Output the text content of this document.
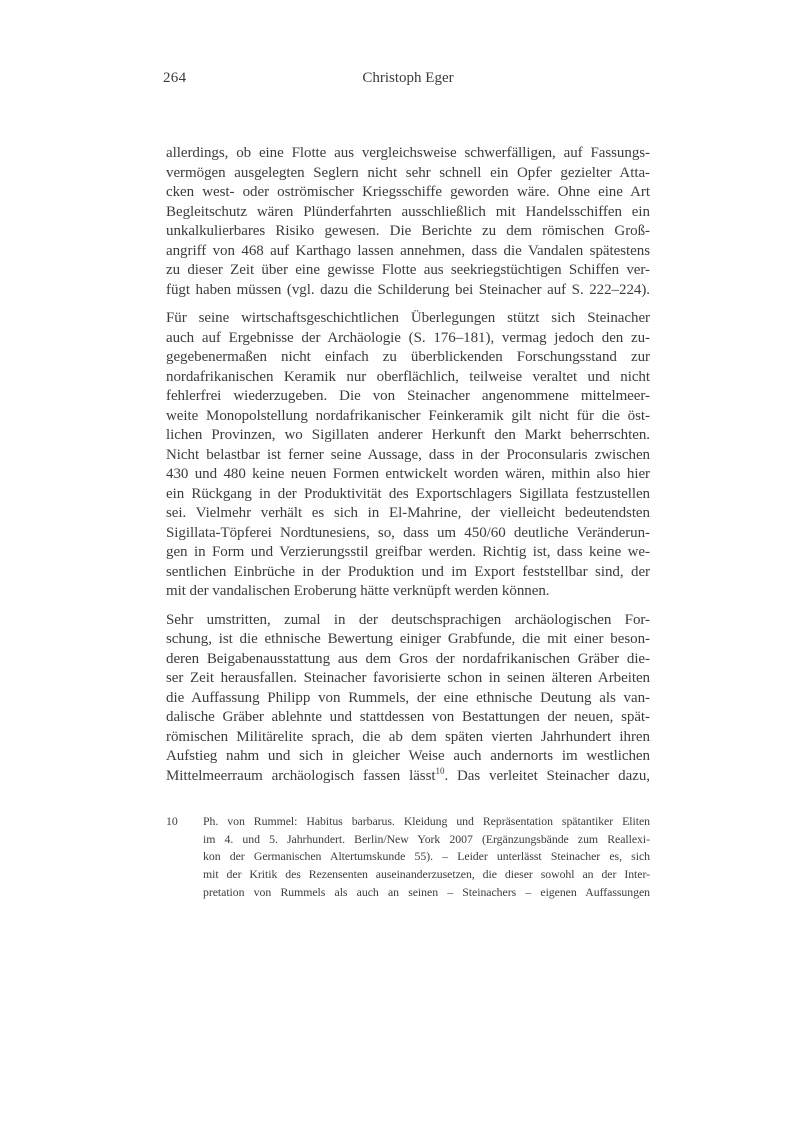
264	Christoph Eger
allerdings, ob eine Flotte aus vergleichsweise schwerfälligen, auf Fassungs-
vermögen ausgelegten Seglern nicht sehr schnell ein Opfer gezielter Atta-
cken west- oder oströmischer Kriegsschiffe geworden wäre. Ohne eine Art
Begleitschutz wären Plünderfahrten ausschließlich mit Handelsschiffen ein
unkalkulierbares Risiko gewesen. Die Berichte zu dem römischen Groß-
angriff von 468 auf Karthago lassen annehmen, dass die Vandalen spätestens
zu dieser Zeit über eine gewisse Flotte aus seekriegstüchtigen Schiffen ver-
fügt haben müssen (vgl. dazu die Schilderung bei Steinacher auf S. 222–224).
Für seine wirtschaftsgeschichtlichen Überlegungen stützt sich Steinacher
auch auf Ergebnisse der Archäologie (S. 176–181), vermag jedoch den zu-
gegebenermaßen nicht einfach zu überblickenden Forschungsstand zur
nordafrikanischen Keramik nur oberflächlich, teilweise veraltet und nicht
fehlerfrei wiederzugeben. Die von Steinacher angenommene mittelmeer-
weite Monopolstellung nordafrikanischer Feinkeramik gilt nicht für die öst-
lichen Provinzen, wo Sigillaten anderer Herkunft den Markt beherrschten.
Nicht belastbar ist ferner seine Aussage, dass in der Proconsularis zwischen
430 und 480 keine neuen Formen entwickelt worden wären, mithin also hier
ein Rückgang in der Produktivität des Exportschlagers Sigillata festzustellen
sei. Vielmehr verhält es sich in El-Mahrine, der vielleicht bedeutendsten
Sigillata-Töpferei Nordtunesiens, so, dass um 450/60 deutliche Veränderun-
gen in Form und Verzierungsstil greifbar werden. Richtig ist, dass keine we-
sentlichen Einbrüche in der Produktion und im Export feststellbar sind, der
mit der vandalischen Eroberung hätte verknüpft werden können.
Sehr umstritten, zumal in der deutschsprachigen archäologischen For-
schung, ist die ethnische Bewertung einiger Grabfunde, die mit einer beson-
deren Beigabenausstattung aus dem Gros der nordafrikanischen Gräber die-
ser Zeit herausfallen. Steinacher favorisierte schon in seinen älteren Arbeiten
die Auffassung Philipp von Rummels, der eine ethnische Deutung als van-
dalische Gräber ablehnte und stattdessen von Bestattungen der neuen, spät-
römischen Militärelite sprach, die ab dem späten vierten Jahrhundert ihren
Aufstieg nahm und sich in gleicher Weise auch andernorts im westlichen
Mittelmeerraum archäologisch fassen lässt$^{10}$. Das verleitet Steinacher dazu,
10	Ph. von Rummel: Habitus barbarus. Kleidung und Repräsentation spätantiker Eliten
im 4. und 5. Jahrhundert. Berlin/New York 2007 (Ergänzungsbände zum Reallexi-
kon der Germanischen Altertumskunde 55). – Leider unterlässt Steinacher es, sich
mit der Kritik des Rezensenten auseinanderzusetzen, die dieser sowohl an der Inter-
pretation von Rummels als auch an seinen – Steinachers – eigenen Auffassungen
